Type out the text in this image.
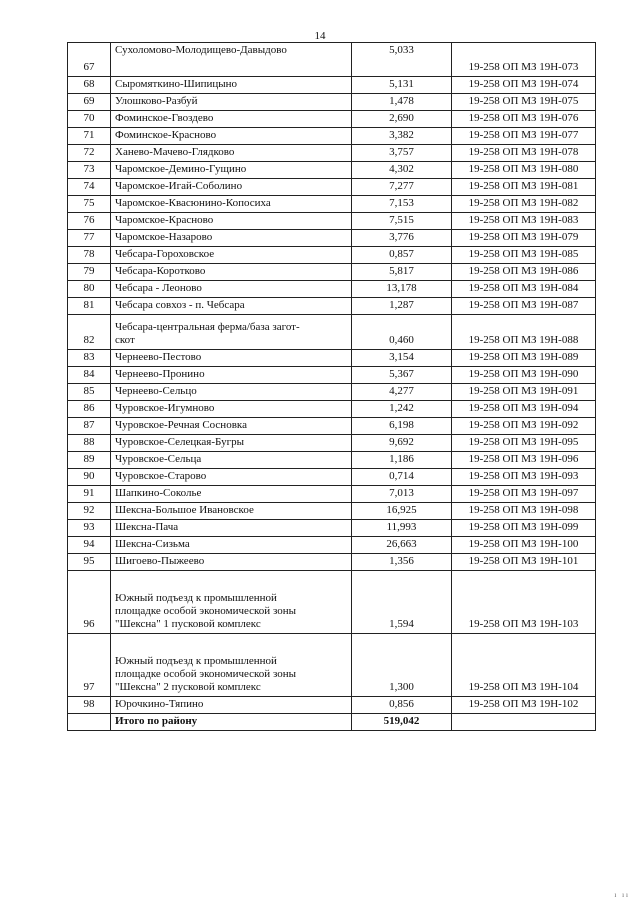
14
67	Сухоломово-Молодищево-Давыдово	5,033	19-258 ОП МЗ 19Н-073
68	Сыромяткино-Шипицыно	5,131	19-258 ОП МЗ 19Н-074
69	Улошково-Разбуй	1,478	19-258 ОП МЗ 19Н-075
70	Фоминское-Гвоздево	2,690	19-258 ОП МЗ 19Н-076
71	Фоминское-Красново	3,382	19-258 ОП МЗ 19Н-077
72	Ханево-Мачево-Глядково	3,757	19-258 ОП МЗ 19Н-078
73	Чаромское-Демино-Гущино	4,302	19-258 ОП МЗ 19Н-080
74	Чаромское-Игай-Соболино	7,277	19-258 ОП МЗ 19Н-081
75	Чаромское-Квасюнино-Копосиха	7,153	19-258 ОП МЗ 19Н-082
76	Чаромское-Красново	7,515	19-258 ОП МЗ 19Н-083
77	Чаромское-Назарово	3,776	19-258 ОП МЗ 19Н-079
78	Чебсара-Гороховское	0,857	19-258 ОП МЗ 19Н-085
79	Чебсара-Коротково	5,817	19-258 ОП МЗ 19Н-086
80	Чебсара - Леоново	13,178	19-258 ОП МЗ 19Н-084
81	Чебсара совхоз - п. Чебсара	1,287	19-258 ОП МЗ 19Н-087
82	Чебсара-центральная ферма/база загот-
скот	0,460	19-258 ОП МЗ 19Н-088
83	Чернеево-Пестово	3,154	19-258 ОП МЗ 19Н-089
84	Чернеево-Пронино	5,367	19-258 ОП МЗ 19Н-090
85	Чернеево-Сельцо	4,277	19-258 ОП МЗ 19Н-091
86	Чуровское-Игумново	1,242	19-258 ОП МЗ 19Н-094
87	Чуровское-Речная Сосновка	6,198	19-258 ОП МЗ 19Н-092
88	Чуровское-Селецкая-Бугры	9,692	19-258 ОП МЗ 19Н-095
89	Чуровское-Сельца	1,186	19-258 ОП МЗ 19Н-096
90	Чуровское-Старово	0,714	19-258 ОП МЗ 19Н-093
91	Шапкино-Соколье	7,013	19-258 ОП МЗ 19Н-097
92	Шексна-Большое Ивановское	16,925	19-258 ОП МЗ 19Н-098
93	Шексна-Пача	11,993	19-258 ОП МЗ 19Н-099
94	Шексна-Сизьма	26,663	19-258 ОП МЗ 19Н-100
95	Шигоево-Пыжеево	1,356	19-258 ОП МЗ 19Н-101
96	Южный подъезд к промышленной
площадке особой экономической зоны
"Шексна" 1 пусковой комплекс	1,594	19-258 ОП МЗ 19Н-103
97	Южный подъезд к промышленной
площадке особой экономической зоны
"Шексна" 2 пусковой комплекс	1,300	19-258 ОП МЗ 19Н-104
98	Юрочкино-Тяпино	0,856	19-258 ОП МЗ 19Н-102
	Итого по району	519,042	
ı ıı
